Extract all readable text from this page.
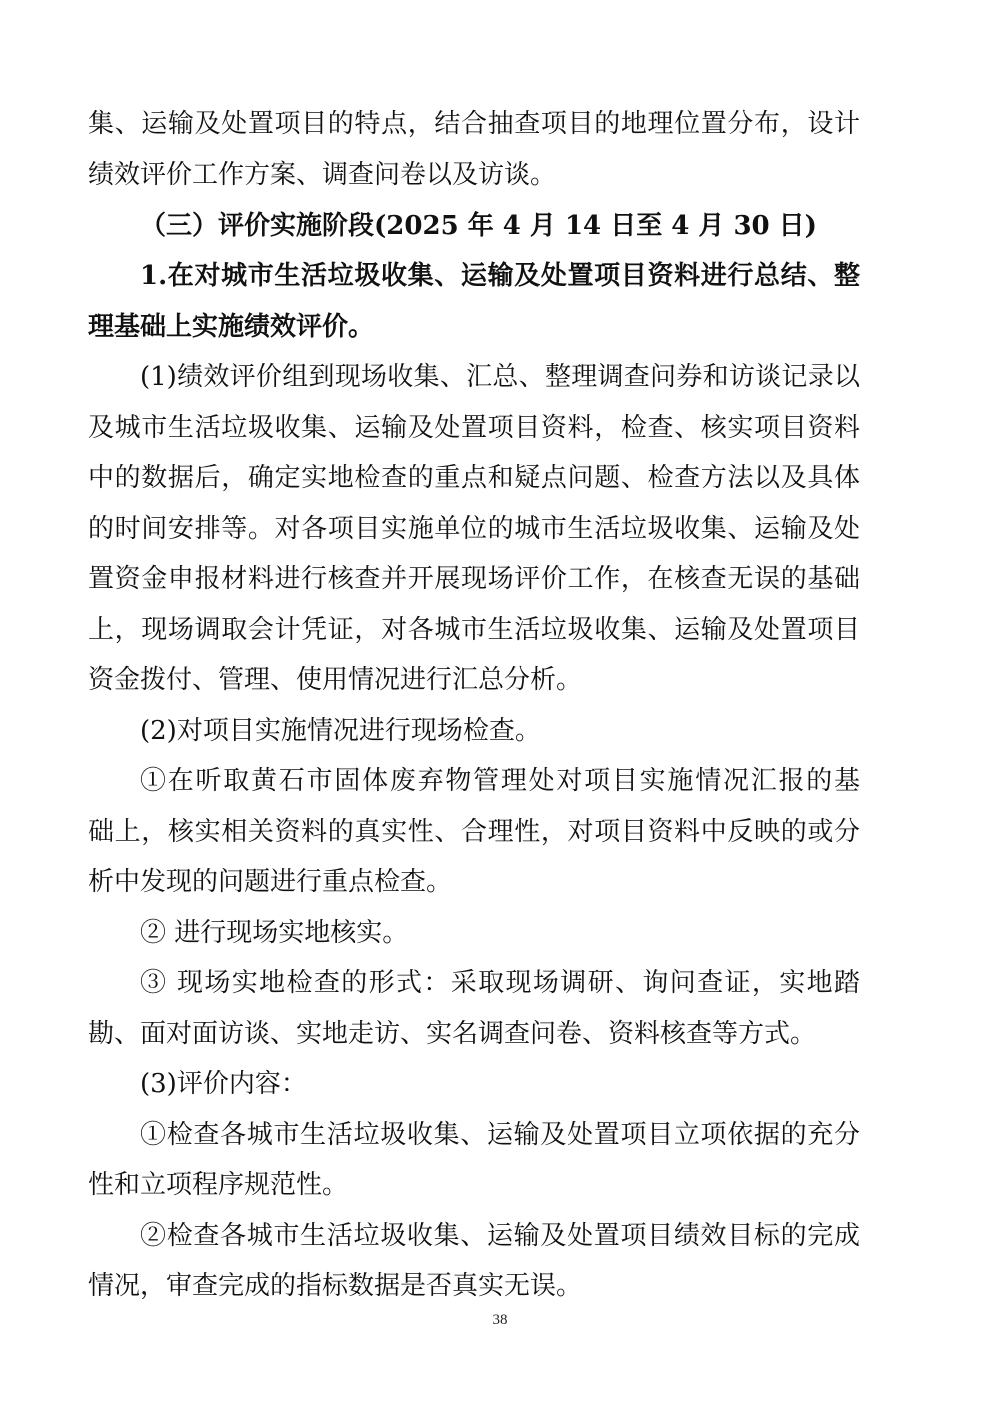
集、运输及处置项目的特点，结合抽查项目的地理位置分布，设计
绩效评价工作方案、调查问卷以及访谈。
（三）评价实施阶段(2025 年 4 月 14 日至 4 月 30 日)
1.在对城市生活垃圾收集、运输及处置项目资料进行总结、整
理基础上实施绩效评价。
(1)绩效评价组到现场收集、汇总、整理调查问券和访谈记录以
及城市生活垃圾收集、运输及处置项目资料，检查、核实项目资料
中的数据后，确定实地检查的重点和疑点问题、检查方法以及具体
的时间安排等。对各项目实施单位的城市生活垃圾收集、运输及处
置资金申报材料进行核查并开展现场评价工作，在核查无误的基础
上，现场调取会计凭证，对各城市生活垃圾收集、运输及处置项目
资金拨付、管理、使用情况进行汇总分析。
(2)对项目实施情况进行现场检查。
①在听取黄石市固体废弃物管理处对项目实施情况汇报的基
础上，核实相关资料的真实性、合理性，对项目资料中反映的或分
析中发现的问题进行重点检查。
② 进行现场实地核实。
③ 现场实地检查的形式：采取现场调研、询问查证，实地踏
勘、面对面访谈、实地走访、实名调查问卷、资料核查等方式。
(3)评价内容：
①检查各城市生活垃圾收集、运输及处置项目立项依据的充分
性和立项程序规范性。
②检查各城市生活垃圾收集、运输及处置项目绩效目标的完成
情况，审查完成的指标数据是否真实无误。
38
